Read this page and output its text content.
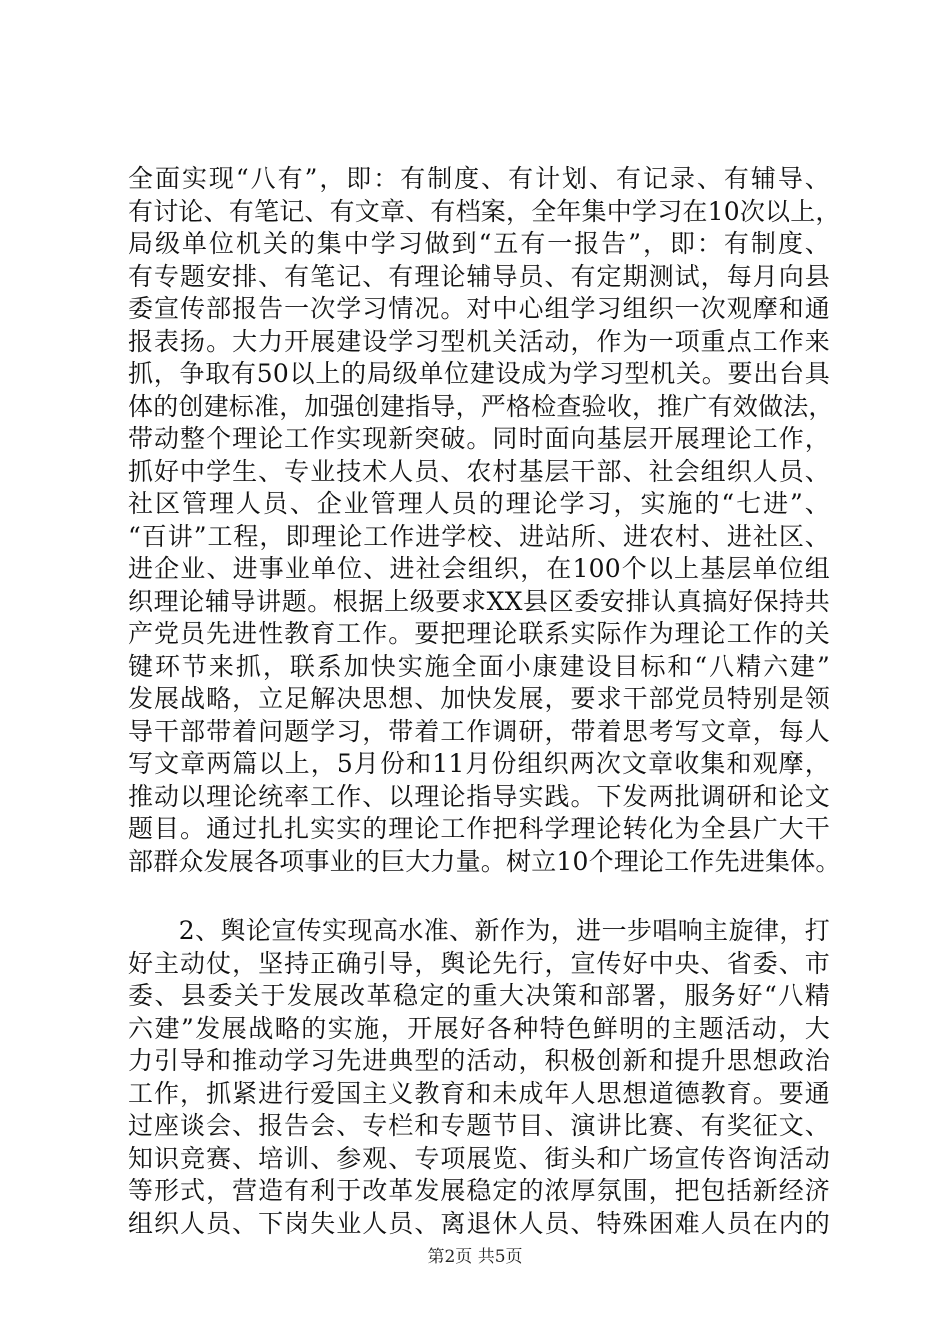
全面实现“八有”，即：有制度、有计划、有记录、有辅导、
有讨论、有笔记、有文章、有档案，全年集中学习在10次以上，
局级单位机关的集中学习做到“五有一报告”，即：有制度、
有专题安排、有笔记、有理论辅导员、有定期测试，每月向县
委宣传部报告一次学习情况。对中心组学习组织一次观摩和通
报表扬。大力开展建设学习型机关活动，作为一项重点工作来
抓，争取有50以上的局级单位建设成为学习型机关。要出台具
体的创建标准，加强创建指导，严格检查验收，推广有效做法，
带动整个理论工作实现新突破。同时面向基层开展理论工作，
抓好中学生、专业技术人员、农村基层干部、社会组织人员、
社区管理人员、企业管理人员的理论学习，实施的“七进”、
“百讲”工程，即理论工作进学校、进站所、进农村、进社区、
进企业、进事业单位、进社会组织，在100个以上基层单位组
织理论辅导讲题。根据上级要求XX县区委安排认真搞好保持共
产党员先进性教育工作。要把理论联系实际作为理论工作的关
键环节来抓，联系加快实施全面小康建设目标和“八精六建”
发展战略，立足解决思想、加快发展，要求干部党员特别是领
导干部带着问题学习，带着工作调研，带着思考写文章，每人
写文章两篇以上，5月份和11月份组织两次文章收集和观摩，
推动以理论统率工作、以理论指导实践。下发两批调研和论文
题目。通过扎扎实实的理论工作把科学理论转化为全县广大干
部群众发展各项事业的巨大力量。树立10个理论工作先进集体。
　　2、舆论宣传实现高水准、新作为，进一步唱响主旋律，打
好主动仗，坚持正确引导，舆论先行，宣传好中央、省委、市
委、县委关于发展改革稳定的重大决策和部署，服务好“八精
六建”发展战略的实施，开展好各种特色鲜明的主题活动，大
力引导和推动学习先进典型的活动，积极创新和提升思想政治
工作，抓紧进行爱国主义教育和未成年人思想道德教育。要通
过座谈会、报告会、专栏和专题节目、演讲比赛、有奖征文、
知识竞赛、培训、参观、专项展览、街头和广场宣传咨询活动
等形式，营造有利于改革发展稳定的浓厚氛围，把包括新经济
组织人员、下岗失业人员、离退休人员、特殊困难人员在内的
第2页 共5页
